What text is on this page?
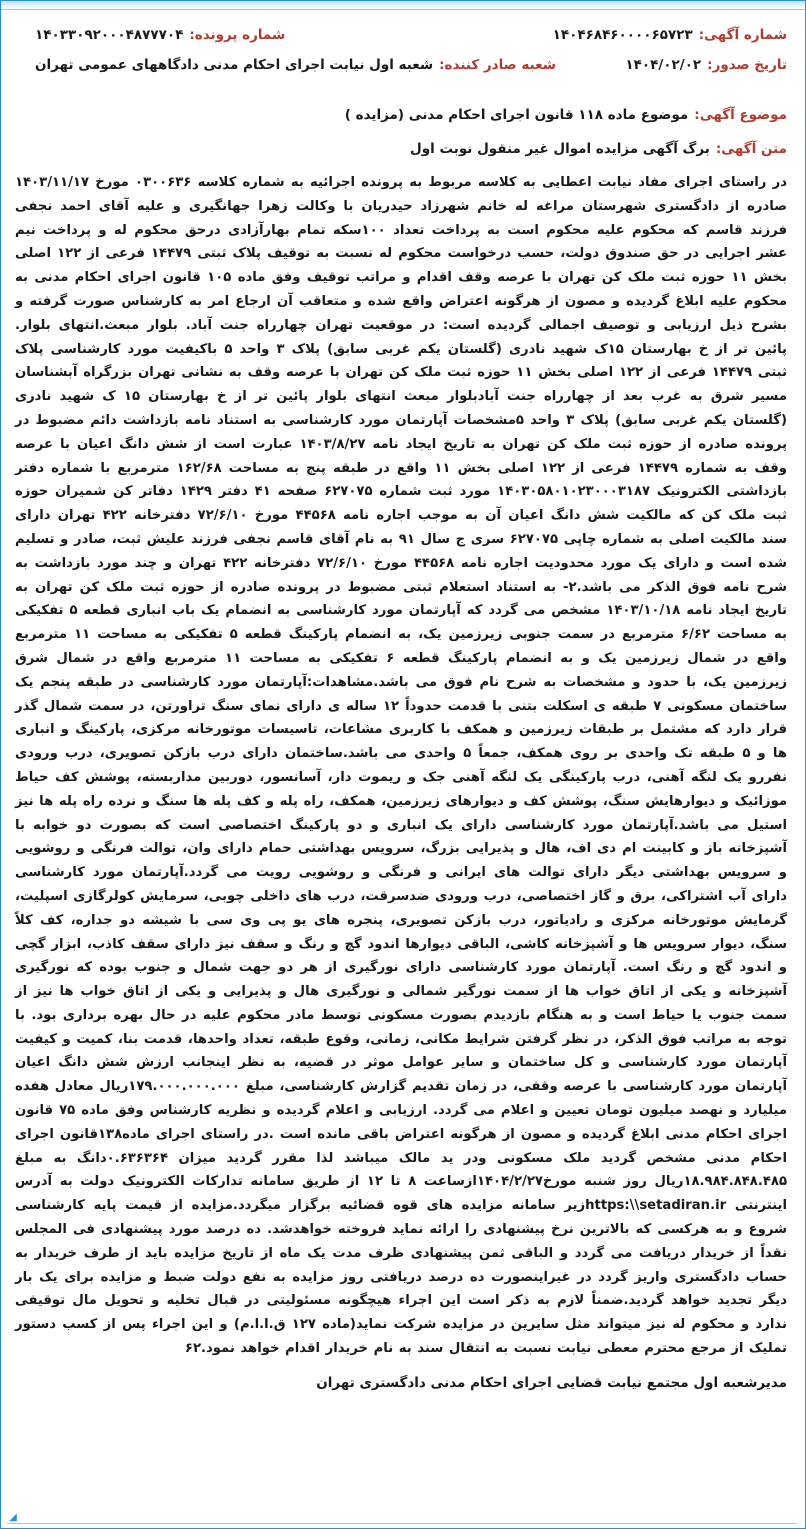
شماره آگهی:۱۴۰۴۶۸۴۶۰۰۰۰۶۵۷۲۳
شماره پرونده:۱۴۰۳۳۰۹۲۰۰۰۴۸۷۷۷۰۴
تاریخ صدور:۱۴۰۴/۰۲/۰۲
شعبه صادر کننده:شعبه اول نیابت اجرای احکام مدنی دادگاههای عمومی تهران
موضوع آگهی:موضوع ماده ۱۱۸ قانون اجرای احکام مدنی (مزایده )
متن آگهی:برگ آگهی مزایده اموال غیر منقول نوبت اول
در راستای اجرای مفاد نیابت اعطایی به کلاسه مربوط به پرونده اجرائیه به شماره کلاسه ۰۳۰۰۶۳۶ مورخ ۱۴۰۳/۱۱/۱۷ صادره از دادگستری شهرستان مراغه له خانم شهرزاد حیدریان با وکالت زهرا جهانگیری و علیه آقای احمد نجفی فرزند قاسم که محکوم علیه محکوم است به پرداخت تعداد ۱۰۰سکه تمام بهارآزادی درحق محکوم له و پرداخت نیم عشر اجرایی در حق صندوق دولت، حسب درخواست محکوم له نسبت به توقیف پلاک ثبتی ۱۴۴۷۹ فرعی از ۱۲۲ اصلی بخش ۱۱ حوزه ثبت ملک کن تهران با عرصه وقف اقدام و مراتب توقیف وفق ماده ۱۰۵ قانون اجرای احکام مدنی به محکوم علیه ابلاغ گردیده و مصون از هرگونه اعتراض واقع شده و متعاقب آن ارجاع امر به کارشناس صورت گرفته و بشرح ذیل ارزیابی و توصیف اجمالی گردیده است: در موقعیت تهران چهارراه جنت آباد. بلوار مبعث.انتهای بلوار. پائین تر از خ بهارستان ۱۵ک شهید نادری (گلستان یکم غربی سابق) پلاک ۳ واحد ۵ باکیفیت مورد کارشناسی پلاک ثبتی ۱۴۴۷۹ فرعی از ۱۲۲ اصلی بخش ۱۱ حوزه ثبت ملک کن تهران با عرصه وقف به نشانی تهران بزرگراه آبشناسان مسیر شرق به غرب بعد از چهارراه جنت آبادبلوار مبعث انتهای بلوار پائین تر از خ بهارستان ۱۵ ک شهید نادری (گلستان یکم غربی سابق) پلاک ۳ واحد ۵مشخصات آپارتمان مورد کارشناسی به استناد نامه بازداشت دائم مضبوط در پرونده صادره از حوزه ثبت ملک کن تهران به تاریخ ایجاد نامه ۱۴۰۳/۸/۲۷ عبارت است از شش دانگ اعیان با عرصه وقف به شماره ۱۴۴۷۹ فرعی از ۱۲۲ اصلی بخش ۱۱ واقع در طبقه پنج به مساحت ۱۶۲/۶۸ مترمربع با شماره دفتر بازداشتی الکترونیک ۱۴۰۳۰۵۸۰۱۰۲۳۰۰۰۳۱۸۷ مورد ثبت شماره ۶۲۷۰۷۵ صفحه ۴۱ دفتر ۱۴۲۹ دفاتر کن شمیران حوزه ثبت ملک کن که مالکیت شش دانگ اعیان آن به موجب اجاره نامه ۴۴۵۶۸ مورخ ۷۲/۶/۱۰ دفترخانه ۴۲۲ تهران دارای سند مالکیت اصلی به شماره چاپی ۶۲۷۰۷۵ سری ج سال ۹۱ به نام آقای قاسم نجفی فرزند علیش ثبت، صادر و تسلیم شده است و دارای یک مورد محدودیت اجاره نامه ۴۴۵۶۸ مورخ ۷۲/۶/۱۰ دفترخانه ۴۲۲ تهران و چند مورد بازداشت به شرح نامه فوق الذکر می باشد.۲- به استناد استعلام ثبتی مضبوط در پرونده صادره از حوزه ثبت ملک کن تهران به تاریخ ایجاد نامه ۱۴۰۳/۱۰/۱۸ مشخص می گردد که آپارتمان مورد کارشناسی به انضمام یک باب انباری قطعه ۵ تفکیکی به مساحت ۶/۶۲ مترمربع در سمت جنوبی زیرزمین یک، به انضمام پارکینگ قطعه ۵ تفکیکی به مساحت ۱۱ مترمربع واقع در شمال زیرزمین یک و به انضمام پارکینگ قطعه ۶ تفکیکی به مساحت ۱۱ مترمربع واقع در شمال شرق زیرزمین یک، با حدود و مشخصات به شرح نام فوق می باشد.مشاهدات:آپارتمان مورد کارشناسی در طبقه پنجم یک ساختمان مسکونی ۷ طبقه ی اسکلت بتنی با قدمت حدوداً ۱۲ ساله ی دارای نمای سنگ تراورتن، در سمت شمال گذر قرار دارد که مشتمل بر طبقات زیرزمین و همکف با کاربری مشاعات، تاسیسات موتورخانه مرکزی، پارکینگ و انباری ها و ۵ طبقه تک واحدی بر روی همکف، جمعاً ۵ واحدی می باشد.ساختمان دارای درب بازکن تصویری، درب ورودی نفررو یک لنگه آهنی، درب پارکینگی یک لنگه آهنی جک و ریموت دار، آسانسور، دوربین مداربسته، پوشش کف حیاط موزائیک و دیوارهایش سنگ، پوشش کف و دیوارهای زیرزمین، همکف، راه پله و کف پله ها سنگ و نرده راه پله ها نیز استیل می باشد.آپارتمان مورد کارشناسی دارای یک انباری و دو پارکینگ اختصاصی است که بصورت دو خوابه با آشپزخانه باز و کابینت ام دی اف، هال و پذیرایی بزرگ، سرویس بهداشتی حمام دارای وان، توالت فرنگی و روشویی و سرویس بهداشتی دیگر دارای توالت های ایرانی و فرنگی و روشویی رویت می گردد.آپارتمان مورد کارشناسی دارای آب اشتراکی، برق و گاز اختصاصی، درب ورودی ضدسرقت، درب های داخلی چوبی، سرمایش کولرگازی اسپلیت، گرمایش موتورخانه مرکزی و رادیاتور، درب بازکن تصویری، پنجره های یو پی وی سی با شیشه دو جداره، کف کلاً سنگ، دیوار سرویس ها و آشپزخانه کاشی، الباقی دیوارها اندود گچ و رنگ و سقف نیز دارای سقف کاذب، ابزار گچی و اندود گچ و رنگ است. آپارتمان مورد کارشناسی دارای نورگیری از هر دو جهت شمال و جنوب بوده که نورگیری آشپزخانه و یکی از اتاق خواب ها از سمت نورگیر شمالی و نورگیری هال و پذیرایی و یکی از اتاق خواب ها نیز از سمت جنوب یا حیاط است و به هنگام بازدیدم بصورت مسکونی توسط مادر محکوم علیه در حال بهره برداری بود. با توجه به مراتب فوق الذکر، در نظر گرفتن شرایط مکانی، زمانی، وقوع طبقه، تعداد واحدها، قدمت بنا، کمیت و کیفیت آپارتمان مورد کارشناسی و کل ساختمان و سایر عوامل موثر در قضیه، به نظر اینجانب ارزش شش دانگ اعیان آپارتمان مورد کارشناسی با عرصه وقفی، در زمان تقدیم گزارش کارشناسی، مبلغ ۱۷۹.۰۰۰.۰۰۰.۰۰۰ریال معادل هفده میلیارد و نهصد میلیون تومان تعیین و اعلام می گردد. ارزیابی و اعلام گردیده و نظریه کارشناس وفق ماده ۷۵ قانون اجرای احکام مدنی ابلاغ گردیده و مصون از هرگونه اعتراض باقی مانده است .در راستای اجرای ماده۱۳۸قانون اجرای احکام مدنی مشخص گردید ملک مسکونی ودر ید مالک میباشد لذا مقرر گردید میزان ۰.۶۳۶۳۶۴دانگ به مبلغ ۱۸.۹۸۴.۸۴۸.۴۸۵ریال روز شنبه مورخ۱۴۰۴/۲/۲۷ازساعت ۸ تا ۱۲ از طریق سامانه تدارکات الکترونیک دولت به آدرس اینترنتی https:\\setadiran.irزیر سامانه مزایده های قوه قضائیه برگزار میگردد.مزایده از قیمت پایه کارشناسی شروع و به هرکسی که بالاترین نرخ پیشنهادی را ارائه نماید فروخته خواهدشد. ده درصد مورد پیشنهادی فی المجلس نقداً از خریدار دریافت می گردد و الباقی ثمن پیشنهادی ظرف مدت یک ماه از تاریخ مزایده باید از طرف خریدار به حساب دادگستری واریز گردد در غیراینصورت ده درصد دریافتی روز مزایده به نفع دولت ضبط و مزایده برای یک بار دیگر تجدید خواهد گردید.ضمناً لازم به ذکر است این اجراء هیچگونه مسئولیتی در قبال تخلیه و تحویل مال توقیفی ندارد و محکوم له نیز میتواند مثل سایرین در مزایده شرکت نماید(ماده ۱۲۷ ق.ا.ا.م) و این اجراء پس از کسب دستور تملیک از مرجع محترم معطی نیابت نسبت به انتقال سند به نام خریدار اقدام خواهد نمود.۶۲
مدیرشعبه اول مجتمع نیابت قضایی اجرای احکام مدنی دادگستری تهران
◢
